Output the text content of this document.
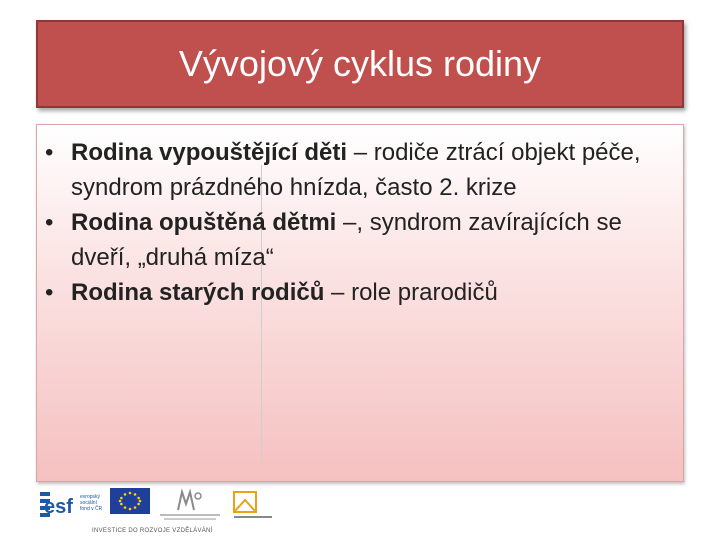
Vývojový cyklus rodiny
• Rodina vypouštějící děti – rodiče ztrácí objekt péče, syndrom prázdného hnízda, často 2. krize
• Rodina opuštěná dětmi –, syndrom zavírajících se dveří, „druhá míza“
• Rodina starých rodičů – role prarodičů
esf evropský sociální fond v ČR
INVESTICE DO ROZVOJE VZDĚLÁVÁNÍ
